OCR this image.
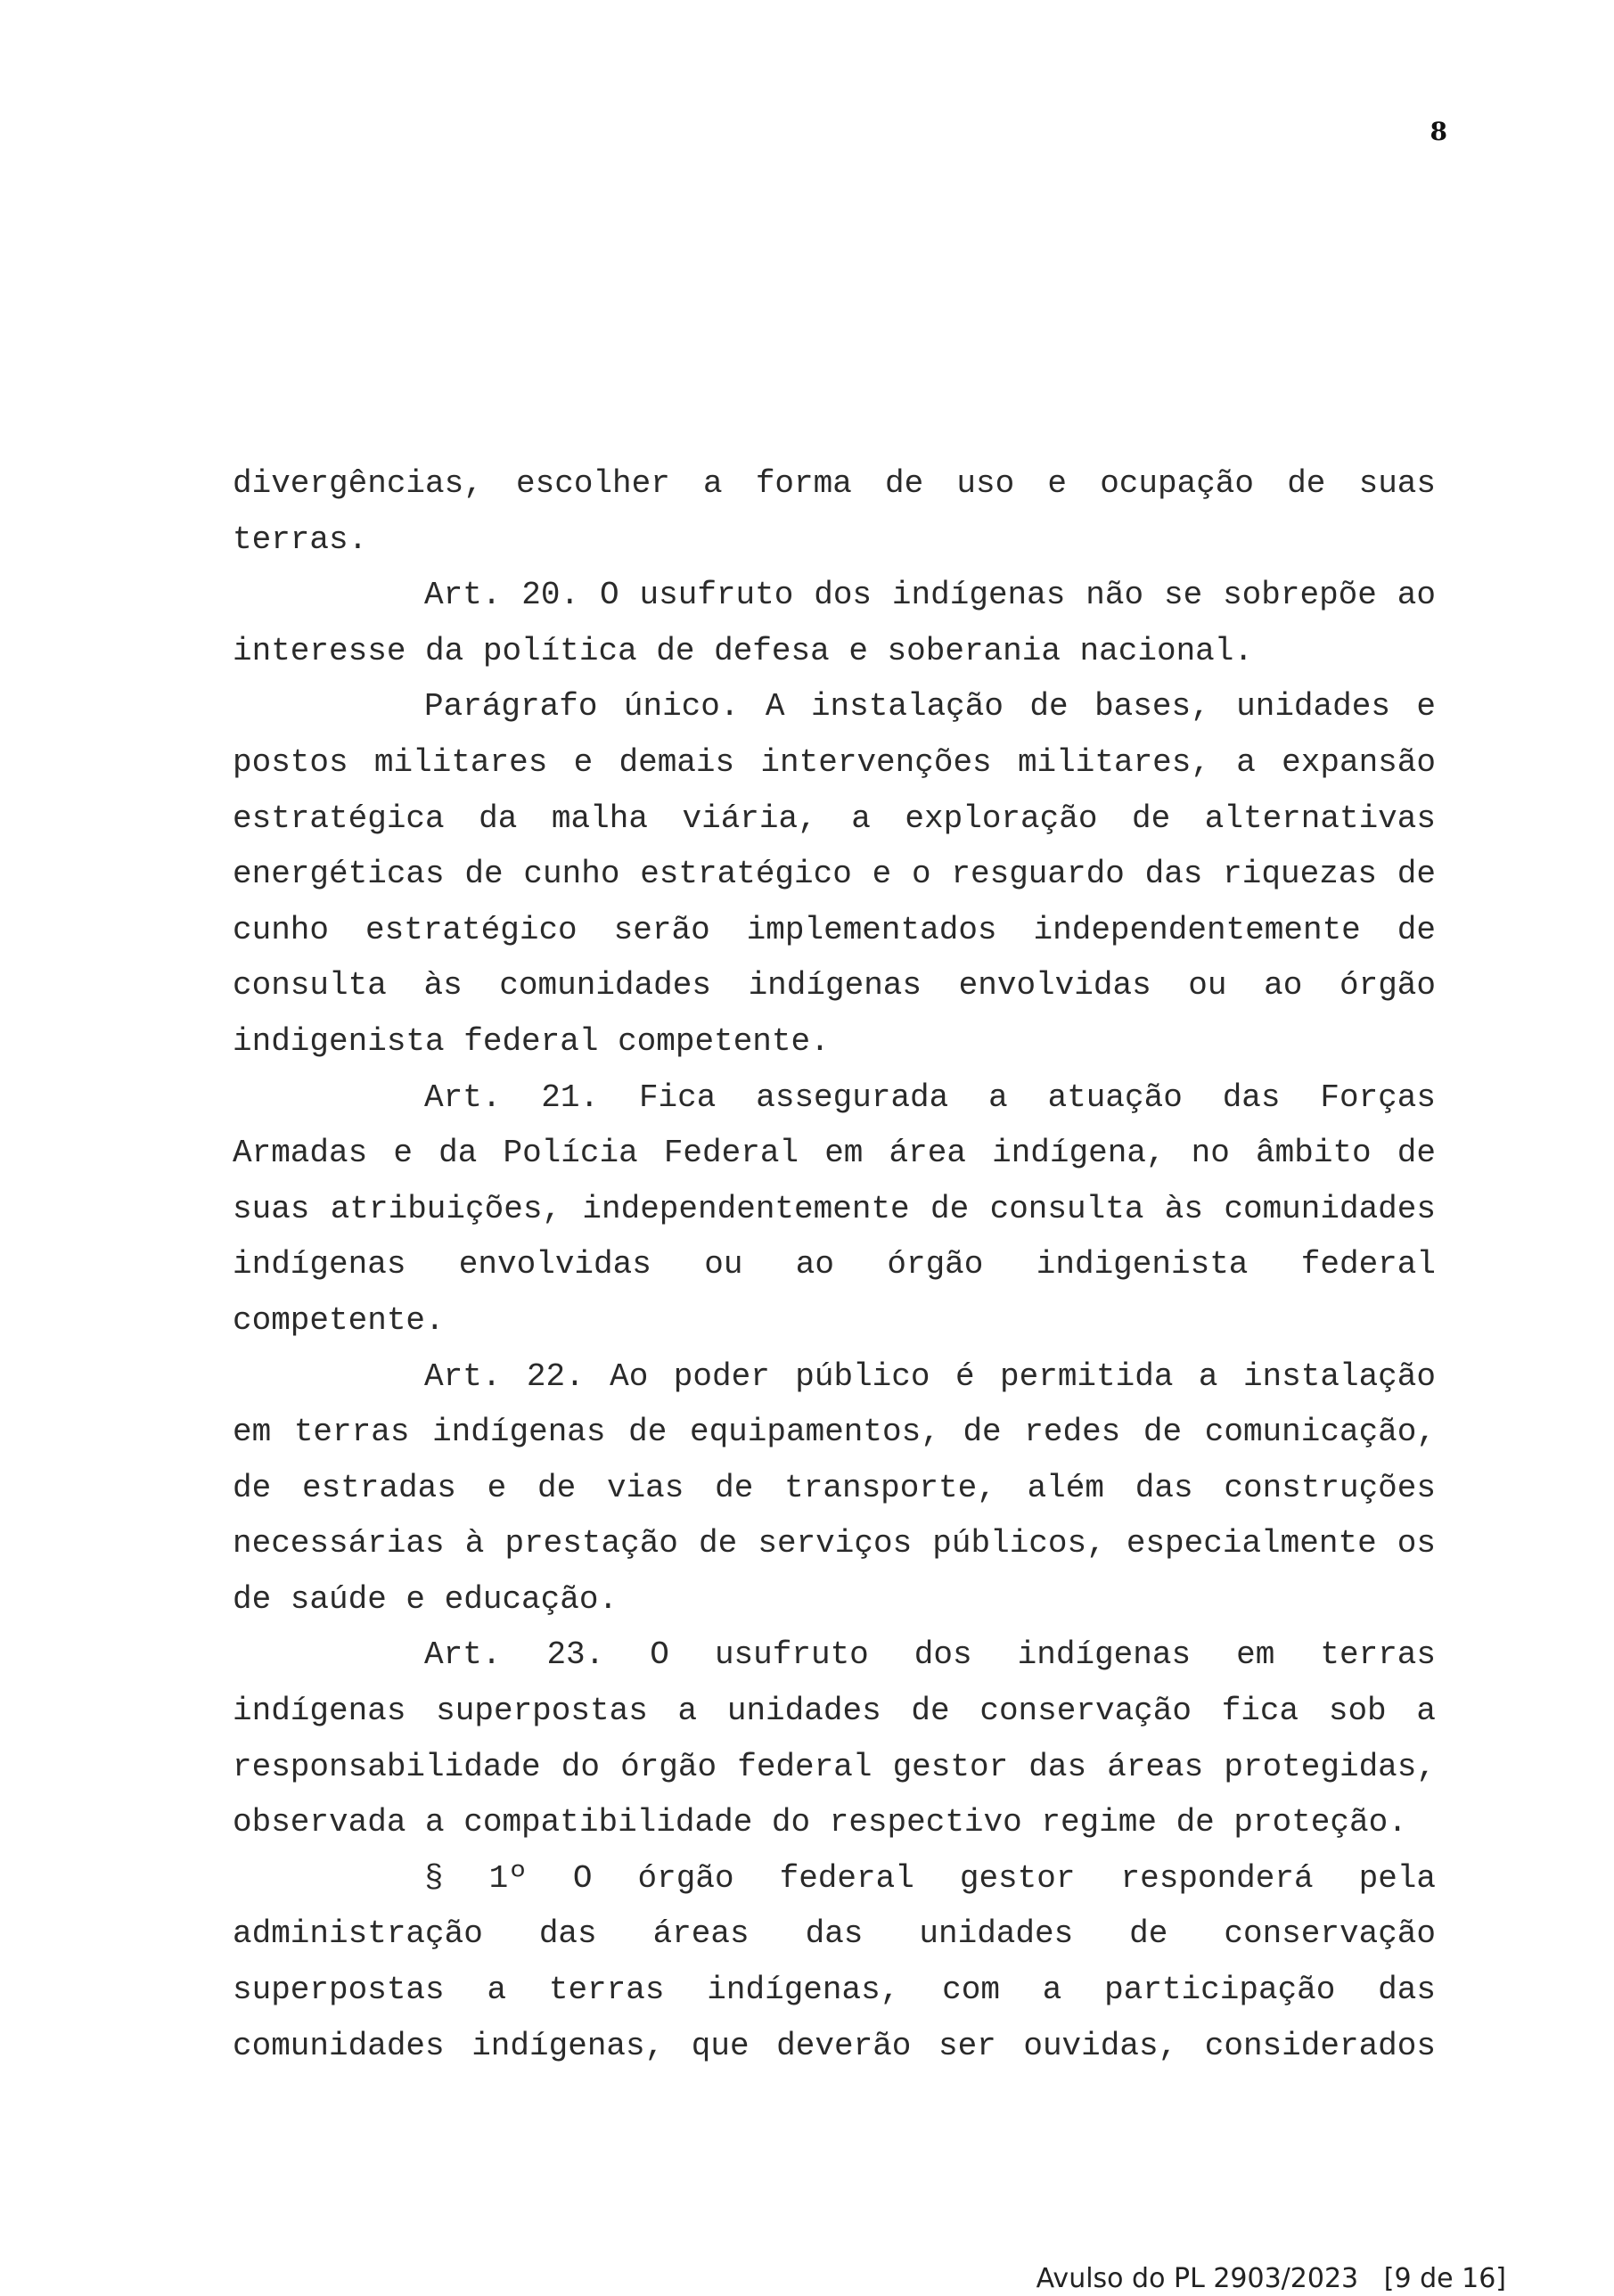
8

divergências, escolher a forma de uso e ocupação de suas terras.

Art. 20. O usufruto dos indígenas não se sobrepõe ao interesse da política de defesa e soberania nacional.

Parágrafo único. A instalação de bases, unidades e postos militares e demais intervenções militares, a expansão estratégica da malha viária, a exploração de alternativas energéticas de cunho estratégico e o resguardo das riquezas de cunho estratégico serão implementados independentemente de consulta às comunidades indígenas envolvidas ou ao órgão indigenista federal competente.

Art. 21. Fica assegurada a atuação das Forças Armadas e da Polícia Federal em área indígena, no âmbito de suas atribuições, independentemente de consulta às comunidades indígenas envolvidas ou ao órgão indigenista federal competente.

Art. 22. Ao poder público é permitida a instalação em terras indígenas de equipamentos, de redes de comunicação, de estradas e de vias de transporte, além das construções necessárias à prestação de serviços públicos, especialmente os de saúde e educação.

Art. 23. O usufruto dos indígenas em terras indígenas superpostas a unidades de conservação fica sob a responsabilidade do órgão federal gestor das áreas protegidas, observada a compatibilidade do respectivo regime de proteção.

§ 1º O órgão federal gestor responderá pela administração das áreas das unidades de conservação superpostas a terras indígenas, com a participação das comunidades indígenas, que deverão ser ouvidas, considerados

Avulso do PL 2903/2023   [9 de 16]
